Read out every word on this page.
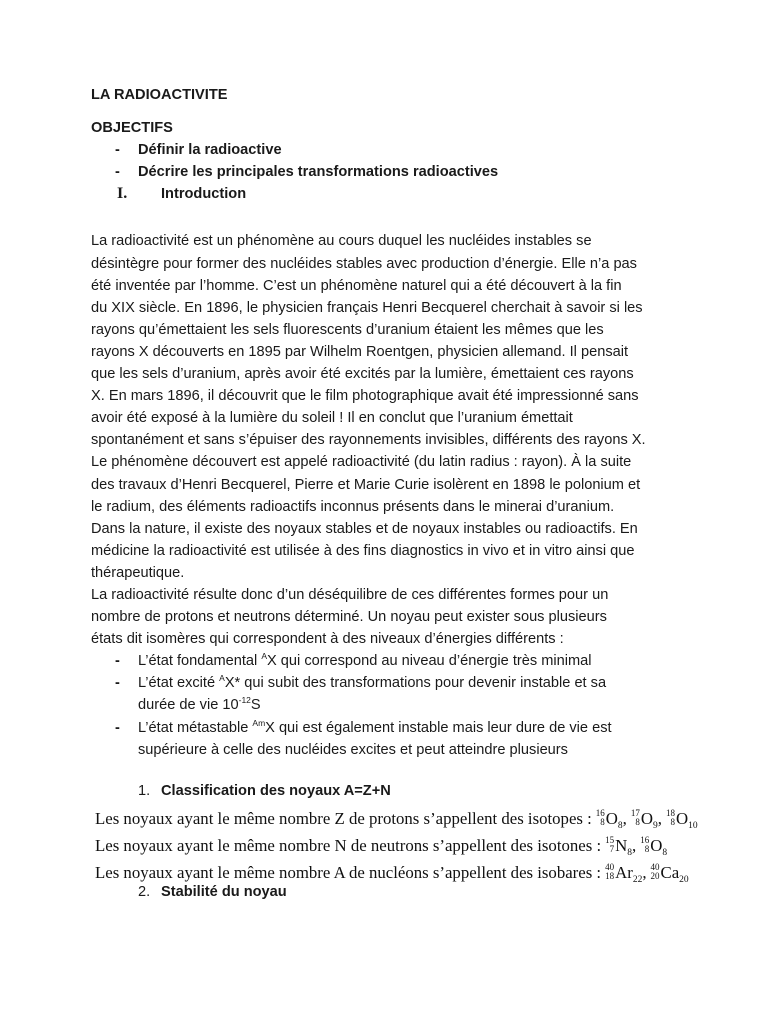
LA RADIOACTIVITE
OBJECTIFS
- Définir la radioactive
- Décrire les principales transformations radioactives
I. Introduction

La radioactivité est un phénomène au cours duquel les nucléides instables se

désintègre pour former des nucléides stables avec production d’énergie. Elle n’a pas

été inventée par l’homme. C’est un phénomène naturel qui a été découvert à la fin

du XIX siècle. En 1896, le physicien français Henri Becquerel cherchait à savoir si les

rayons qu’émettaient les sels fluorescents d’uranium étaient les mêmes que les

rayons X découverts en 1895 par Wilhelm Roentgen, physicien allemand. Il pensait

que les sels d’uranium, après avoir été excités par la lumière, émettaient ces rayons

X. En mars 1896, il découvrit que le film photographique avait été impressionné sans

avoir été exposé à la lumière du soleil ! Il en conclut que l’uranium émettait

spontanément et sans s’épuiser des rayonnements invisibles, différents des rayons X.

Le phénomène découvert est appelé radioactivité (du latin radius : rayon). À la suite

des travaux d’Henri Becquerel, Pierre et Marie Curie isolèrent en 1898 le polonium et

le radium, des éléments radioactifs inconnus présents dans le minerai d’uranium.

Dans la nature, il existe des noyaux stables et de noyaux instables ou radioactifs. En

médicine la radioactivité est utilisée à des fins diagnostics in vivo et in vitro ainsi que

thérapeutique.

La radioactivité résulte donc d’un déséquilibre de ces différentes formes pour un

nombre de protons et neutrons déterminé. Un noyau peut exister sous plusieurs

états dit isomères qui correspondent à des niveaux d’énergies différents :

- L’état fondamental $^A$X qui correspond au niveau d’énergie très minimal
- L’état excité $^A$X* qui subit des transformations pour devenir instable et sa
durée de vie $10^{-12}S$
- L’état métastable $^{Am}$X qui est également instable mais leur dure de vie est
supérieure à celle des nucléides excites et peut atteindre plusieurs
1. Classification des noyaux A=Z+N
Les noyaux ayant le même nombre Z de protons s’appellent des isotopes : 16
8 $O_8$, 17
8 $O_9$, 18
8 $O_{10}$
Les noyaux ayant le même nombre N de neutrons s’appellent des isotones : 15
7 $N_8$, 16
8 $O_8$
Les noyaux ayant le même nombre A de nucléons s’appellent des isobares : 40
18 $Ar_{22}$, 40
20 $Ca_{20}$
2. Stabilité du noyau
